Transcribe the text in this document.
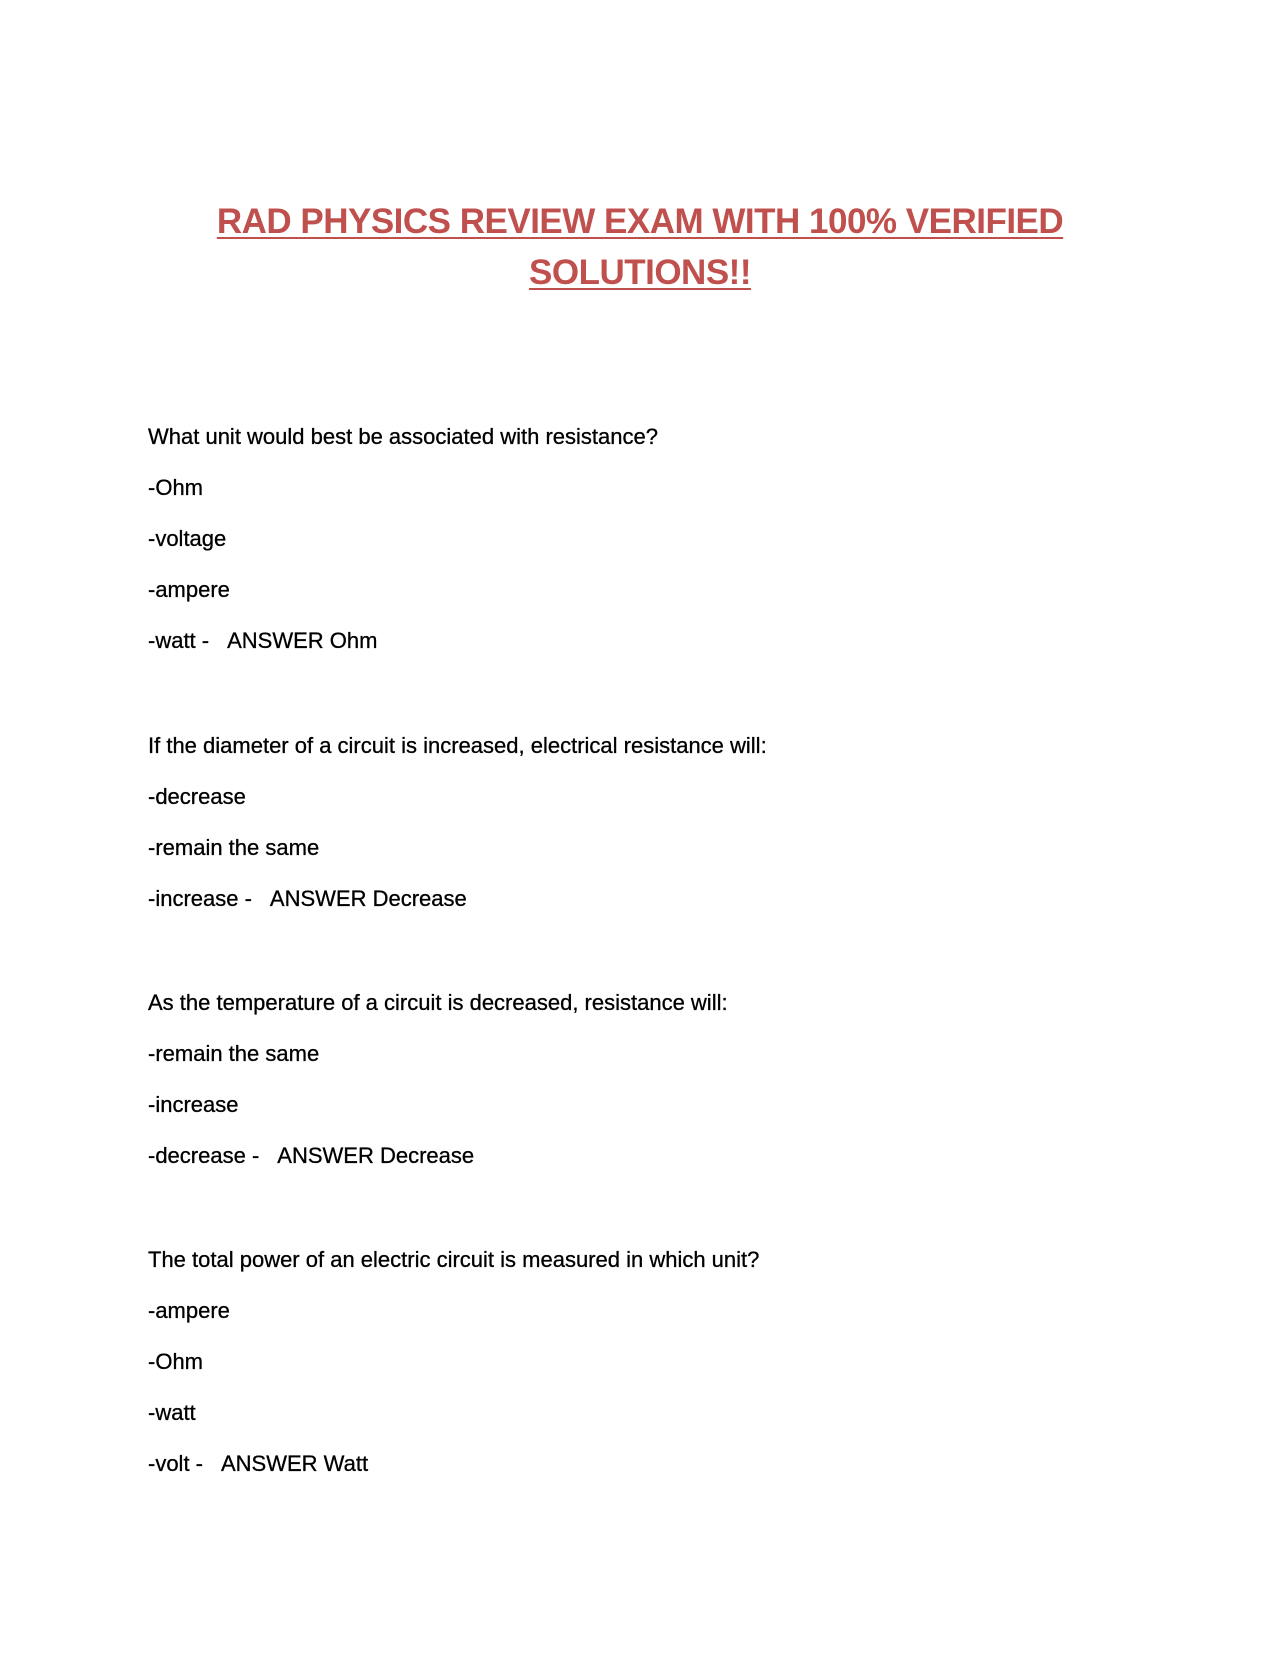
RAD PHYSICS REVIEW EXAM WITH 100% VERIFIED
SOLUTIONS!!
What unit would best be associated with resistance?
-Ohm
-voltage
-ampere
-watt - ANSWER Ohm
If the diameter of a circuit is increased, electrical resistance will:
-decrease
-remain the same
-increase - ANSWER Decrease
As the temperature of a circuit is decreased, resistance will:
-remain the same
-increase
-decrease - ANSWER Decrease
The total power of an electric circuit is measured in which unit?
-ampere
-Ohm
-watt
-volt - ANSWER Watt
